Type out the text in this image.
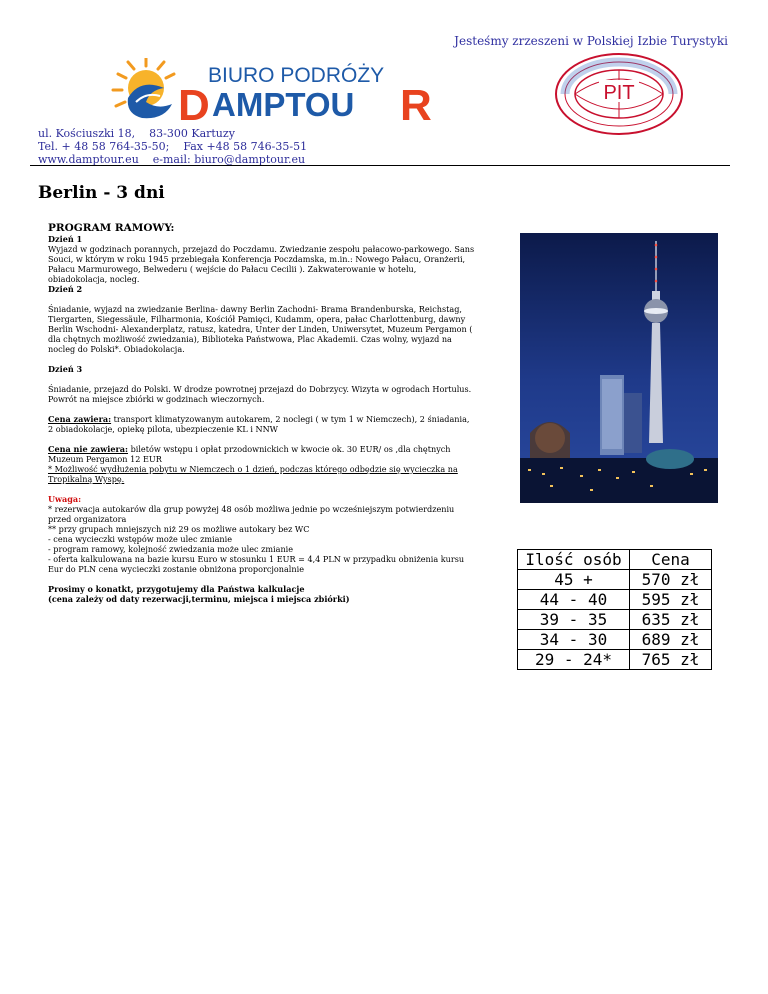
Jesteśmy zrzeszeni w Polskiej Izbie Turystyki
BIURO PODRÓŻY
D AMPTOU R	PIT
ul. Kościuszki 18,    83-300 Kartuzy
Tel. + 48 58 764-35-50;    Fax +48 58 746-35-51
www.damptour.eu    e-mail: biuro@damptour.eu
Berlin - 3 dni

PROGRAM RAMOWY:

Dzień 1

Wyjazd w godzinach porannych, przejazd do Poczdamu. Zwiedzanie zespołu pałacowo-parkowego. Sans Souci, w którym w roku 1945 przebiegała Konferencja Poczdamska, m.in.: Nowego Pałacu, Oranżerii, Pałacu Marmurowego, Belwederu ( wejście do Pałacu Cecilii ). Zakwaterowanie w hotelu, obiadokolacja, nocleg.

Dzień 2

Śniadanie, wyjazd na zwiedzanie Berlina- dawny Berlin Zachodni- Brama Brandenburska, Reichstag, Tiergarten, Siegessäule, Filharmonia, Kościół Pamięci, Kudamm, opera, pałac Charlottenburg, dawny Berlin Wschodni- Alexanderplatz, ratusz, katedra, Unter der Linden, Uniwersytet, Muzeum Pergamon ( dla chętnych możliwość zwiedzania), Biblioteka Państwowa, Plac Akademii. Czas wolny, wyjazd na nocleg do Polski*. Obiadokolacja.

Dzień 3

Śniadanie, przejazd do Polski. W drodze powrotnej przejazd do Dobrzycy. Wizyta w ogrodach Hortulus. Powrót na miejsce zbiórki w godzinach wieczornych.

Cena zawiera: transport klimatyzowanym autokarem, 2 noclegi ( w tym 1 w Niemczech), 2 śniadania, 2 obiadokolacje, opiekę pilota, ubezpieczenie KL i NNW

Cena nie zawiera: biletów wstępu i opłat przodownickich w kwocie ok. 30 EUR/ os ,dla chętnych Muzeum Pergamon 12 EUR

* Możliwość wydłużenia pobytu w Niemczech o 1 dzień, podczas którego odbędzie się wycieczka na Tropikalną Wyspę.

Uwaga:

* rezerwacja autokarów dla grup powyżej 48 osób możliwa jednie po wcześniejszym potwierdzeniu przed organizatora

** przy grupach mniejszych niż 29 os możliwe autokary bez WC

- cena wycieczki wstępów może ulec zmianie

- program ramowy, kolejność zwiedzania może ulec zmianie

- oferta kalkulowana na bazie kursu Euro w stosunku 1 EUR = 4,4 PLN w przypadku obniżenia kursu Eur do PLN cena wycieczki zostanie obniżona proporcjonalnie

Prosimy o konatkt, przygotujemy dla Państwa kalkulacje

(cena zależy od daty rezerwacji,terminu, miejsca i miejsca zbiórki)

Ilość osób	Cena
45 +	570 zł
44 - 40	595 zł
39 - 35	635 zł
34 - 30	689 zł
29 - 24*	765 zł
